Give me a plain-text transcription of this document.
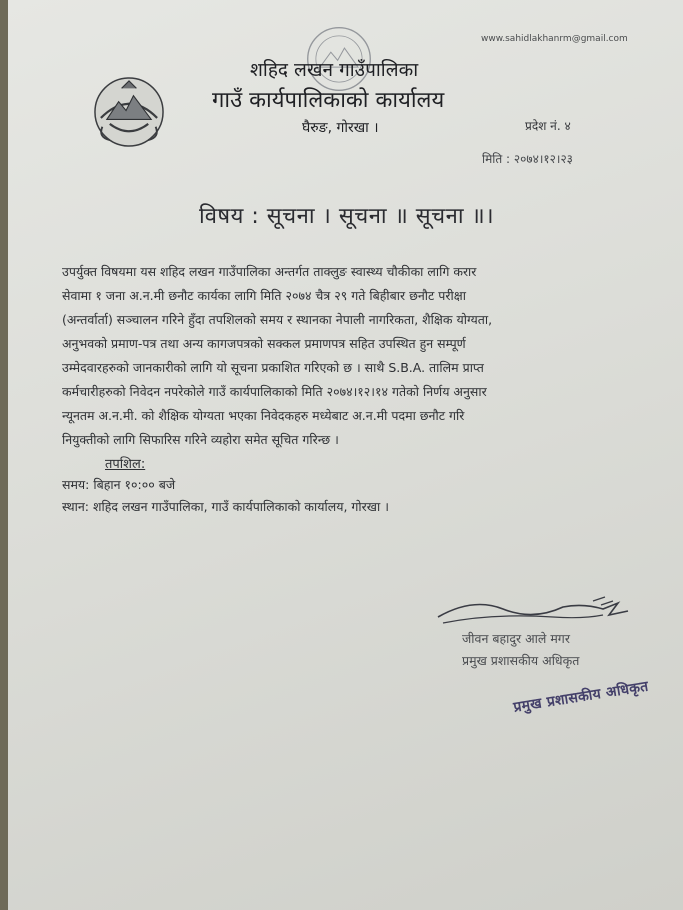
www.sahidlakhanrm@gmail.com
शहिद लखन गाउँपालिका
गाउँ कार्यपालिकाको कार्यालय
घैरुङ, गोरखा ।	प्रदेश नं. ४
मिति : २०७४।१२।२३
विषय : सूचना । सूचना ॥ सूचना ॥।
उपर्युक्त विषयमा यस शहिद लखन गाउँपालिका अन्तर्गत ताक्लुङ स्वास्थ्य चौकीका लागि करार
सेवामा १ जना अ.न.मी छनौट कार्यका लागि मिति २०७४ चैत्र २९ गते बिहीबार छनौट परीक्षा
(अन्तर्वार्ता) सञ्चालन गरिने हुँदा तपशिलको समय र स्थानका नेपाली नागरिकता, शैक्षिक योग्यता,
अनुभवको प्रमाण-पत्र तथा अन्य कागजपत्रको सक्कल प्रमाणपत्र सहित उपस्थित हुन सम्पूर्ण
उम्मेदवारहरुको जानकारीको लागि यो सूचना प्रकाशित गरिएको छ । साथै S.B.A. तालिम प्राप्त
कर्मचारीहरुको निवेदन नपरेकोले गाउँ कार्यपालिकाको मिति २०७४।१२।१४ गतेको निर्णय अनुसार
न्यूनतम अ.न.मी. को शैक्षिक योग्यता भएका निवेदकहरु मध्येबाट अ.न.मी पदमा छनौट गरि
नियुक्तीको लागि सिफारिस गरिने व्यहोरा समेत सूचित गरिन्छ ।
तपशिल:
समय: बिहान १०:०० बजे
स्थान: शहिद लखन गाउँपालिका, गाउँ कार्यपालिकाको कार्यालय, गोरखा ।
जीवन बहादुर आले मगर
प्रमुख प्रशासकीय अधिकृत
प्रमुख प्रशासकीय अधिकृत
